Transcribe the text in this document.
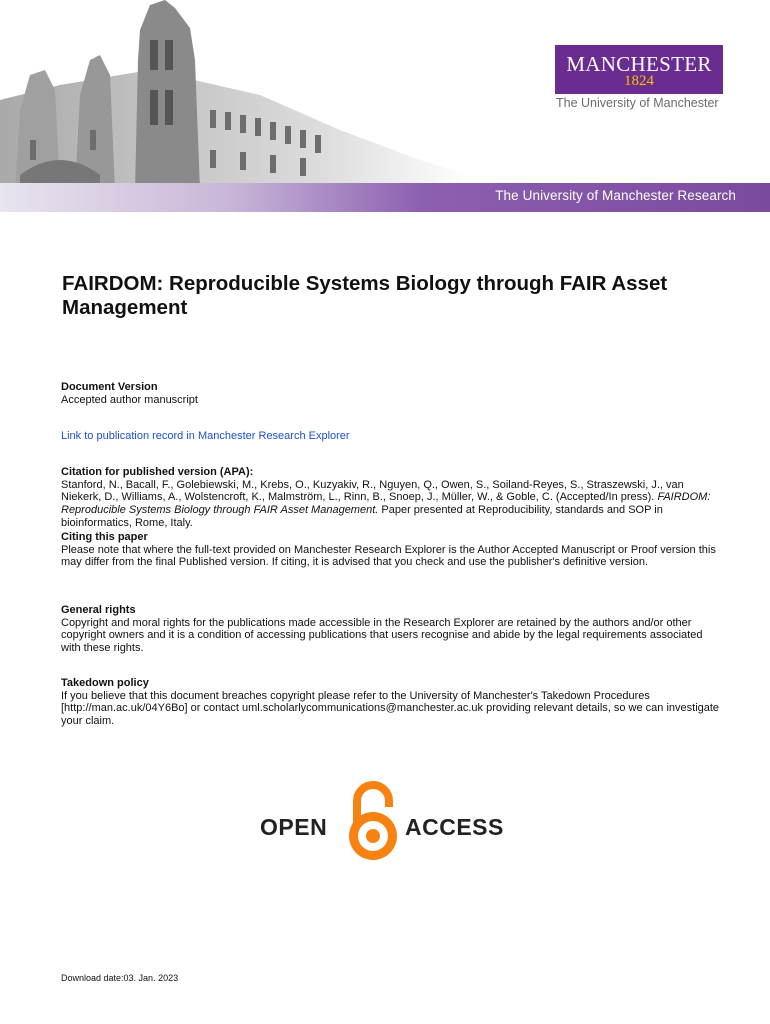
The University of Manchester Research
MANCHESTER
1824
The University of Manchester
FAIRDOM: Reproducible Systems Biology through FAIR Asset Management
Document Version
Accepted author manuscript
Link to publication record in Manchester Research Explorer
Citation for published version (APA):
Stanford, N., Bacall, F., Golebiewski, M., Krebs, O., Kuzyakiv, R., Nguyen, Q., Owen, S., Soiland-Reyes, S., Straszewski, J., van Niekerk, D., Williams, A., Wolstencroft, K., Malmström, L., Rinn, B., Snoep, J., Müller, W., & Goble, C. (Accepted/In press). FAIRDOM: Reproducible Systems Biology through FAIR Asset Management. Paper presented at Reproducibility, standards and SOP in bioinformatics, Rome, Italy.
Citing this paper
Please note that where the full-text provided on Manchester Research Explorer is the Author Accepted Manuscript or Proof version this may differ from the final Published version. If citing, it is advised that you check and use the publisher's definitive version.
General rights
Copyright and moral rights for the publications made accessible in the Research Explorer are retained by the authors and/or other copyright owners and it is a condition of accessing publications that users recognise and abide by the legal requirements associated with these rights.
Takedown policy
If you believe that this document breaches copyright please refer to the University of Manchester's Takedown Procedures [http://man.ac.uk/04Y6Bo] or contact uml.scholarlycommunications@manchester.ac.uk providing relevant details, so we can investigate your claim.
OPEN	ACCESS
Download date:03. Jan. 2023
